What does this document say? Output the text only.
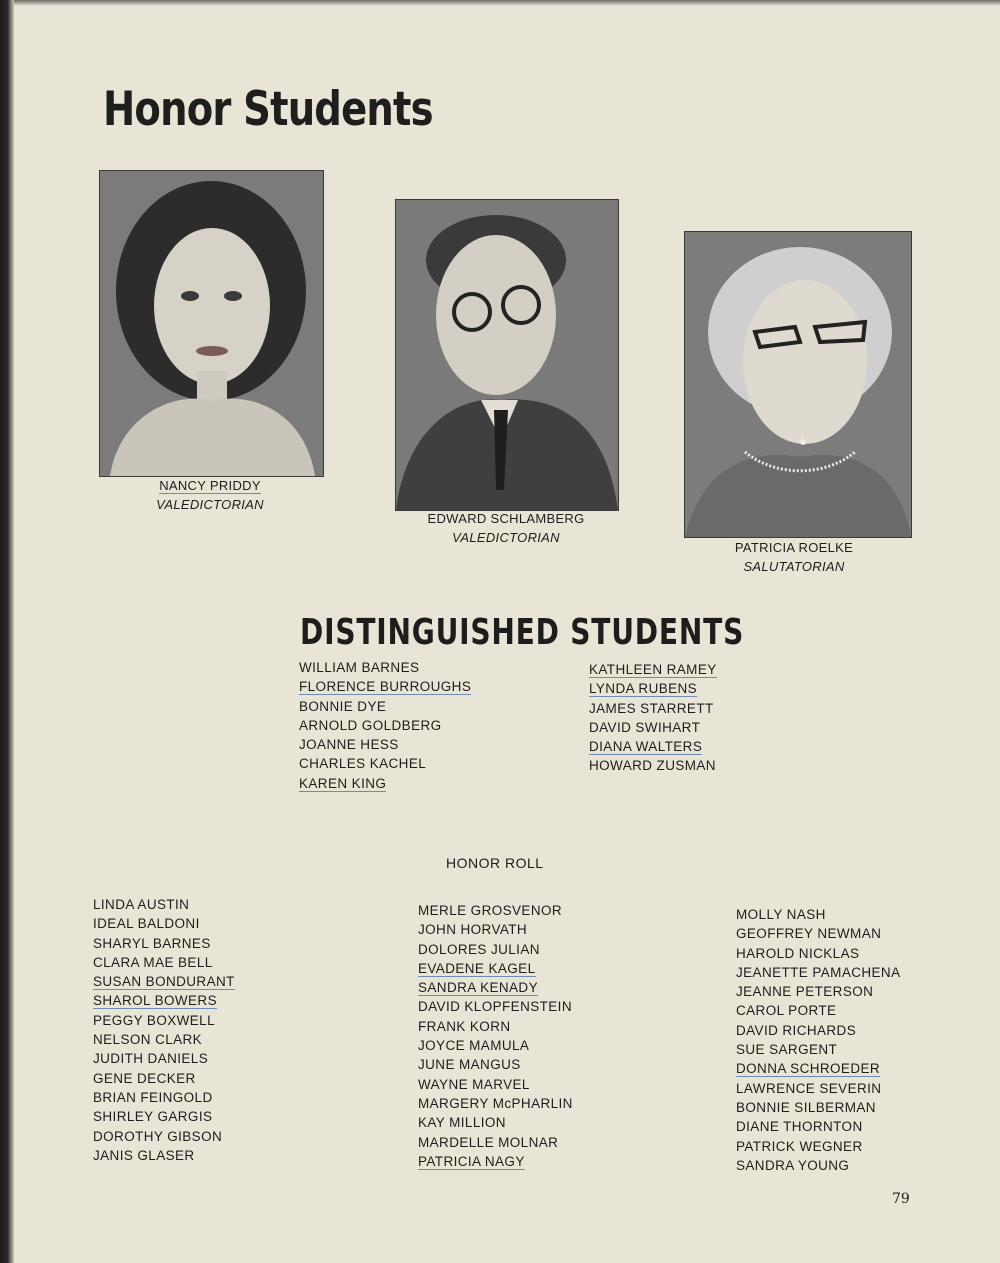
Honor Students
NANCY PRIDDY
VALEDICTORIAN
EDWARD SCHLAMBERG
VALEDICTORIAN
PATRICIA ROELKE
SALUTATORIAN
DISTINGUISHED STUDENTS
WILLIAM BARNES
FLORENCE BURROUGHS
BONNIE DYE
ARNOLD GOLDBERG
JOANNE HESS
CHARLES KACHEL
KAREN KING
KATHLEEN RAMEY
LYNDA RUBENS
JAMES STARRETT
DAVID SWIHART
DIANA WALTERS
HOWARD ZUSMAN
HONOR ROLL
LINDA AUSTIN
IDEAL BALDONI
SHARYL BARNES
CLARA MAE BELL
SUSAN BONDURANT
SHAROL BOWERS
PEGGY BOXWELL
NELSON CLARK
JUDITH DANIELS
GENE DECKER
BRIAN FEINGOLD
SHIRLEY GARGIS
DOROTHY GIBSON
JANIS GLASER
MERLE GROSVENOR
JOHN HORVATH
DOLORES JULIAN
EVADENE KAGEL
SANDRA KENADY
DAVID KLOPFENSTEIN
FRANK KORN
JOYCE MAMULA
JUNE MANGUS
WAYNE MARVEL
MARGERY McPHARLIN
KAY MILLION
MARDELLE MOLNAR
PATRICIA NAGY
MOLLY NASH
GEOFFREY NEWMAN
HAROLD NICKLAS
JEANETTE PAMACHENA
JEANNE PETERSON
CAROL PORTE
DAVID RICHARDS
SUE SARGENT
DONNA SCHROEDER
LAWRENCE SEVERIN
BONNIE SILBERMAN
DIANE THORNTON
PATRICK WEGNER
SANDRA YOUNG
79
